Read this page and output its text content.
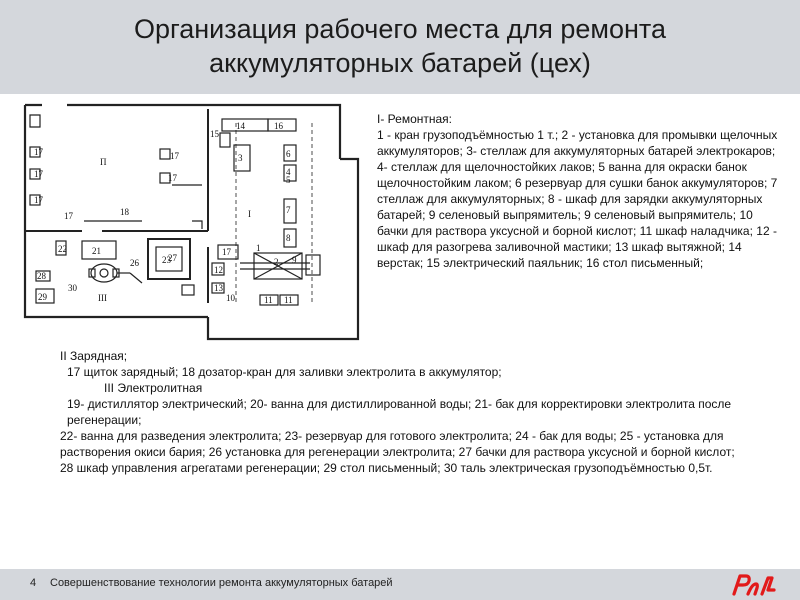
Организация рабочего места для ремонта
аккумуляторных батарей (цех)
17
17
17
17
17
17	18
П
I
1
2
3
4
5
6
7
8
9
10	11 11
12
13
14
15
16
17
21
22
23
26	27
28
29
30
III

I- Ремонтная:

1 - кран грузоподъёмностью 1 т.; 2 - установка для промывки щелочных аккумуляторов; 3- стеллаж для аккумуляторных батарей электрокаров; 4- стеллаж для щелочностойких лаков; 5 ванна для окраски банок щелочностойким лаком; 6 резервуар для сушки банок аккумуляторов; 7 стеллаж для аккумуляторных; 8 - шкаф для зарядки аккумуляторных батарей; 9 селеновый выпрямитель; 9 селеновый выпрямитель; 10 бачки для раствора уксусной и борной кислот; 11 шкаф наладчика; 12 - шкаф для разогрева заливочной мастики; 13 шкаф вытяжной; 14 верстак; 15 электрический паяльник; 16 стол письменный;

II Зарядная;

17 щиток зарядный; 18 дозатор-кран для заливки электролита в аккумулятор;

III Электролитная

19- дистиллятор электрический; 20- ванна для дистиллированной воды; 21- бак для корректировки электролита после регенерации;

22- ванна для разведения электролита; 23- резервуар для готового электролита; 24 - бак для воды; 25 - установка для растворения окиси бария; 26 установка для регенерации электролита; 27 бачки для раствора уксусной и борной кислот;

28 шкаф управления агрегатами регенерации; 29 стол письменный; 30 таль электрическая грузоподъёмностью 0,5т.

4 Совершенствование технологии ремонта аккумуляторных батарей
